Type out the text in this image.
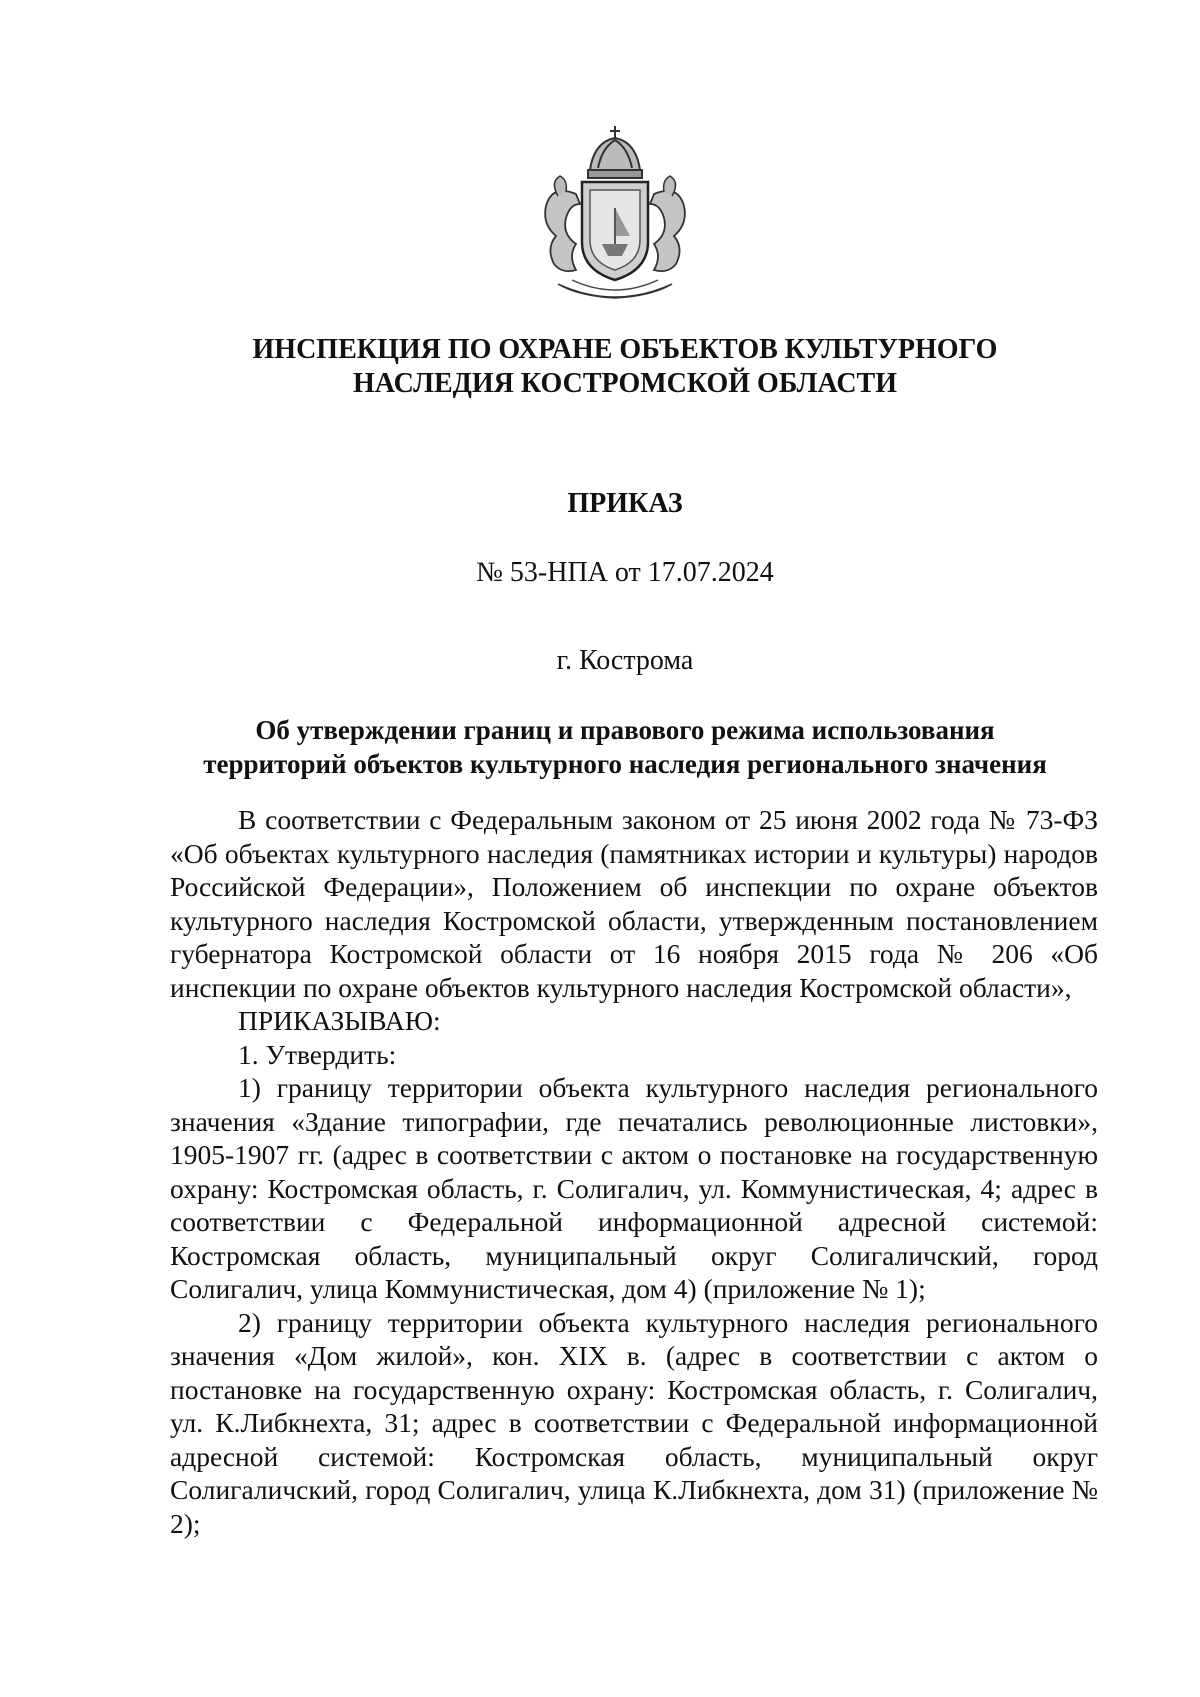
ИНСПЕКЦИЯ ПО ОХРАНЕ ОБЪЕКТОВ КУЛЬТУРНОГО
НАСЛЕДИЯ КОСТРОМСКОЙ ОБЛАСТИ
ПРИКАЗ
№ 53-НПА от 17.07.2024
г. Кострома
Об утверждении границ и правового режима использования
территорий объектов культурного наследия регионального значения

В соответствии с Федеральным законом от 25 июня 2002 года № 73-ФЗ «Об объектах культурного наследия (памятниках истории и культуры) народов Российской Федерации», Положением об инспекции по охране объектов культурного наследия Костромской области, утвержденным постановлением губернатора Костромской области от 16 ноября 2015 года № 206 «Об инспекции по охране объектов культурного наследия Костромской области»,

ПРИКАЗЫВАЮ:

1. Утвердить:

1) границу территории объекта культурного наследия регионального значения «Здание типографии, где печатались революционные листовки», 1905-1907 гг. (адрес в соответствии с актом о постановке на государственную охрану: Костромская область, г. Солигалич, ул. Коммунистическая, 4; адрес в соответствии с Федеральной информационной адресной системой: Костромская область, муниципальный округ Солигаличский, город Солигалич, улица Коммунистическая, дом 4) (приложение № 1);

2) границу территории объекта культурного наследия регионального значения «Дом жилой», кон. XIX в. (адрес в соответствии с актом о постановке на государственную охрану: Костромская область, г. Солигалич, ул. К.Либкнехта, 31; адрес в соответствии с Федеральной информационной адресной системой: Костромская область, муниципальный округ Солигаличский, город Солигалич, улица К.Либкнехта, дом 31) (приложение № 2);
